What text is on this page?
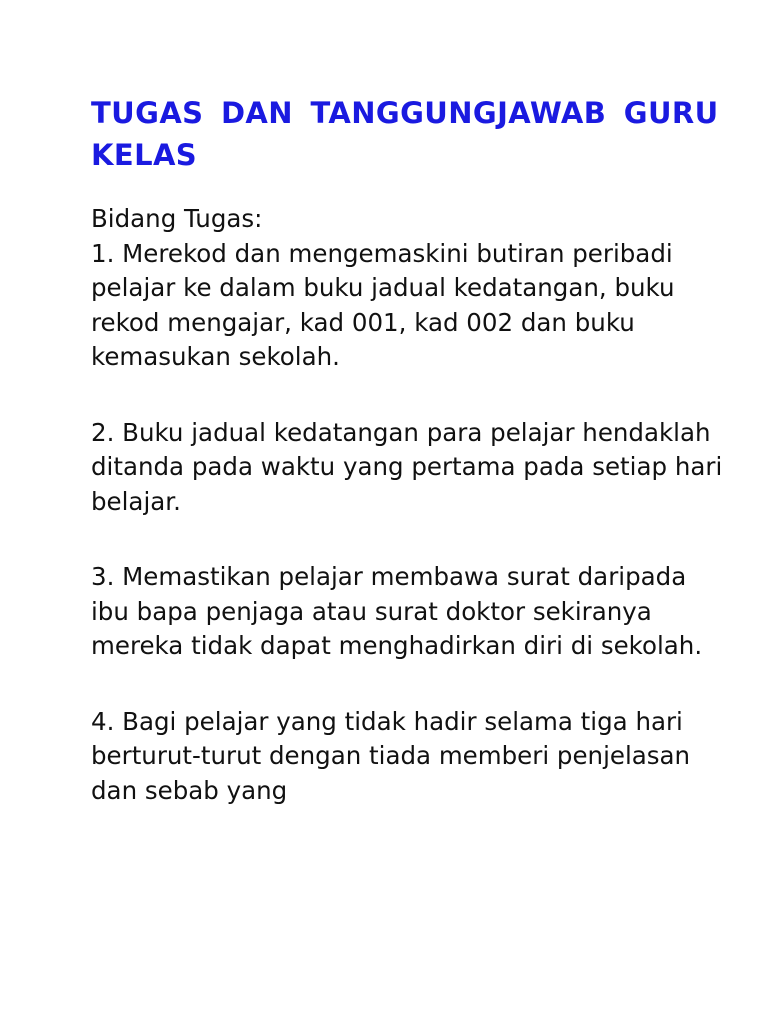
TUGAS DAN TANGGUNGJAWAB GURU KELAS

Bidang Tugas:

1. Merekod dan mengemaskini butiran peribadi pelajar ke dalam buku jadual kedatangan, buku rekod mengajar, kad 001, kad 002 dan buku kemasukan sekolah.

2. Buku jadual kedatangan para pelajar hendaklah ditanda pada waktu yang pertama pada setiap hari belajar.

3. Memastikan pelajar membawa surat daripada ibu bapa penjaga atau surat doktor sekiranya mereka tidak dapat menghadirkan diri di sekolah.

4. Bagi pelajar yang tidak hadir selama tiga hari berturut-turut dengan tiada memberi penjelasan dan sebab yang
